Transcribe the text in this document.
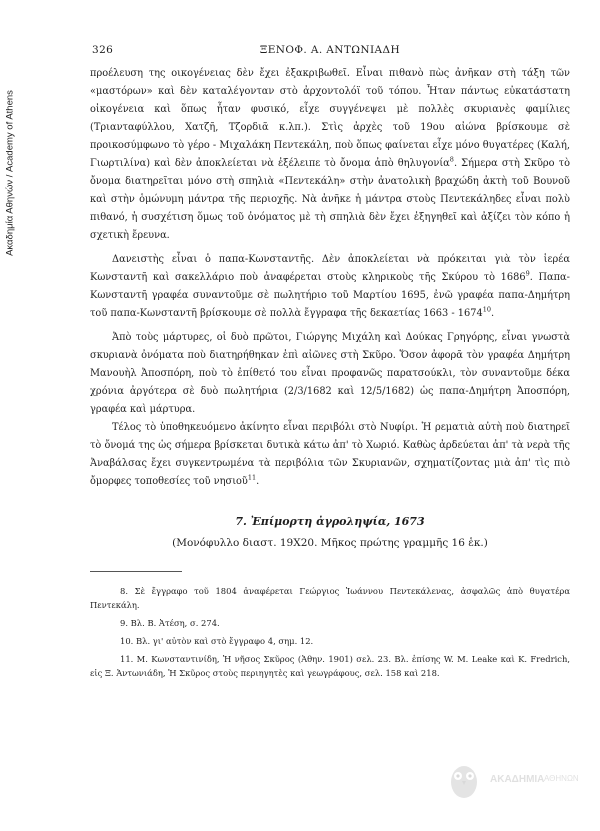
Ακαδημία Αθηνών / Academy of Athens
326	ΞΕΝΟΦ. Α. ΑΝΤΩΝΙΑΔΗ

προέλευση της οικογένειας δὲν ἔχει ἐξακριβωθεῖ. Εἶναι πιθανὸ πὼς ἀνῆκαν στὴ τάξη τῶν «μαστόρων» καὶ δὲν καταλέγονταν στὸ ἀρχοντολόϊ τοῦ τόπου. Ἦταν πάντως εὐκατάστατη οἰκογένεια καὶ ὅπως ἦταν φυσικό, εἶχε συγγένεψει μὲ πολλὲς σκυριανὲς φαμίλιες (Τριανταφύλλου, Χατζῆ, Τζορδιᾶ κ.λπ.). Στὶς ἀρχὲς τοῦ 19ου αἰώνα βρίσκουμε σὲ προικοσύμφωνο τὸ γέρο - Μιχαλάκη Πεντεκάλη, ποὺ ὅπως φαίνεται εἶχε μόνο θυγατέρες (Καλή, Γιωρτιλίνα) καὶ δὲν ἀποκλείεται νὰ ἐξέλειπε τὸ ὄνομα ἀπὸ θηλυγονία$^8$. Σήμερα στὴ Σκῦρο τὸ ὄνομα διατηρεῖται μόνο στὴ σπηλιὰ «Πεντεκάλη» στὴν ἀνατολικὴ βραχώδη ἀκτὴ τοῦ Βουνοῦ καὶ στὴν ὁμώνυμη μάντρα τῆς περιοχῆς. Νὰ ἀνῆκε ἡ μάντρα στοὺς Πεντεκάληδες εἶναι πολὺ πιθανό, ἡ συσχέτιση ὅμως τοῦ ὀνόματος μὲ τὴ σπηλιὰ δὲν ἔχει ἐξηγηθεῖ καὶ ἀξίζει τὸν κόπο ἡ σχετικὴ ἔρευνα.

Δανειστὴς εἶναι ὁ παπα-Κωνσταντῆς. Δὲν ἀποκλείεται νὰ πρόκειται γιὰ τὸν ἱερέα Κωνσταντῆ καὶ σακελλάριο ποὺ ἀναφέρεται στοὺς κληρικοὺς τῆς Σκύρου τὸ 1686$^9$. Παπα-Κωνσταντῆ γραφέα συναντοῦμε σὲ πωλητήριο τοῦ Μαρτίου 1695, ἐνῶ γραφέα παπα-Δημήτρη τοῦ παπα-Κωνσταντῆ βρίσκουμε σὲ πολλὰ ἔγγραφα τῆς δεκαετίας 1663 - 1674$^{10}$.

Ἀπὸ τοὺς μάρτυρες, οἱ δυὸ πρῶτοι, Γιώργης Μιχάλη καὶ Δούκας Γρηγόρης, εἶναι γνωστὰ σκυριανὰ ὀνόματα ποὺ διατηρήθηκαν ἐπὶ αἰῶνες στὴ Σκῦρο. Ὅσον ἀφορᾶ τὸν γραφέα Δημήτρη Μανουὴλ Ἀποσπόρη, ποὺ τὸ ἐπίθετό του εἶναι προφανῶς παρατσούκλι, τὸν συναντοῦμε δέκα χρόνια ἀργότερα σὲ δυὸ πωλητήρια (2/3/1682 καὶ 12/5/1682) ὡς παπα-Δημήτρη Ἀποσπόρη, γραφέα καὶ μάρτυρα.

Τέλος τὸ ὑποθηκευόμενο ἀκίνητο εἶναι περιβόλι στὸ Νυφίρι. Ἡ ρεματιὰ αὐτὴ ποὺ διατηρεῖ τὸ ὄνομά της ὡς σήμερα βρίσκεται δυτικὰ κάτω ἀπ' τὸ Χωριό. Καθὼς ἀρδεύεται ἀπ' τὰ νερὰ τῆς Ἀναβάλσας ἔχει συγκεντρωμένα τὰ περιβόλια τῶν Σκυριανῶν, σχηματίζοντας μιὰ ἀπ' τὶς πιὸ ὄμορφες τοποθεσίες τοῦ νησιοῦ$^{11}$.

7. Ἐπίμορτη ἀγροληψία, 1673
(Μονόφυλλο διαστ. 19X20. Μῆκος πρώτης γραμμῆς 16 ἑκ.)

8. Σὲ ἔγγραφο τοῦ 1804 ἀναφέρεται Γεώργιος Ἰωάννου Πεντεκάλενας, ἀσφαλῶς ἀπὸ θυγατέρα Πεντεκάλη.

9. Βλ. Β. Ἀτέση, σ. 274.

10. Βλ. γι' αὐτὸν καὶ στὸ ἔγγραφο 4, σημ. 12.

11. Μ. Κωνσταντινίδη, Ἡ νῆσος Σκῦρος (Ἀθην. 1901) σελ. 23. Βλ. ἐπίσης W. M. Leake καὶ K. Fredrich, εἰς Ξ. Ἀντωνιάδη, Ἡ Σκῦρος στοὺς περιηγητὲς καὶ γεωγράφους, σελ. 158 καὶ 218.

ΑΚΑΔΗΜΙΑ ΑΘΗΝΩΝ
